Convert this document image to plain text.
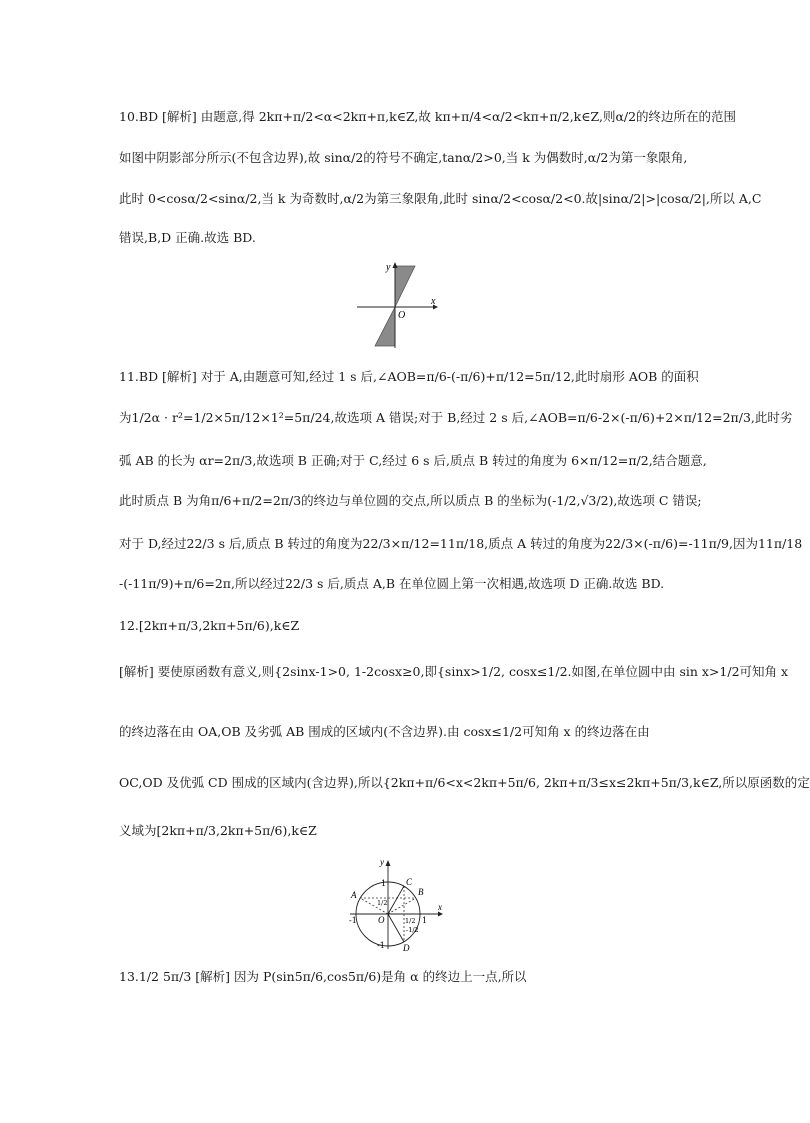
10.BD [解析] 由题意,得 2kπ+π/2<α<2kπ+π,k∈Z,故 kπ+π/4<α/2<kπ+π/2,k∈Z,则α/2的终边所在的范围
如图中阴影部分所示(不包含边界),故 sinα/2的符号不确定,tanα/2>0,当 k 为偶数时,α/2为第一象限角,
此时 0<cosα/2<sinα/2,当 k 为奇数时,α/2为第三象限角,此时 sinα/2<cosα/2<0.故|sinα/2|>|cosα/2|,所以 A,C
错误,B,D 正确.故选 BD.
x
y
O
11.BD [解析] 对于 A,由题意可知,经过 1 s 后,∠AOB=π/6-(-π/6)+π/12=5π/12,此时扇形 AOB 的面积
为1/2α · r²=1/2×5π/12×1²=5π/24,故选项 A 错误;对于 B,经过 2 s 后,∠AOB=π/6-2×(-π/6)+2×π/12=2π/3,此时劣
弧 AB 的长为 αr=2π/3,故选项 B 正确;对于 C,经过 6 s 后,质点 B 转过的角度为 6×π/12=π/2,结合题意,
此时质点 B 为角π/6+π/2=2π/3的终边与单位圆的交点,所以质点 B 的坐标为(-1/2,√3/2),故选项 C 错误;
对于 D,经过22/3 s 后,质点 B 转过的角度为22/3×π/12=11π/18,质点 A 转过的角度为22/3×(-π/6)=-11π/9,因为11π/18
-(-11π/9)+π/6=2π,所以经过22/3 s 后,质点 A,B 在单位圆上第一次相遇,故选项 D 正确.故选 BD.
12.[2kπ+π/3,2kπ+5π/6),k∈Z
[解析] 要使原函数有意义,则{2sinx-1>0, 1-2cosx≥0,即{sinx>1/2, cosx≤1/2.如图,在单位圆中由 sin x>1/2可知角 x
的终边落在由 OA,OB 及劣弧 AB 围成的区域内(不含边界).由 cosx≤1/2可知角 x 的终边落在由
OC,OD 及优弧 CD 围成的区域内(含边界),所以{2kπ+π/6<x<2kπ+5π/6, 2kπ+π/3≤x≤2kπ+5π/3,k∈Z,所以原函数的定
义域为[2kπ+π/3,2kπ+5π/6),k∈Z
A	B
C
D
O
x
y
1
-1
1
-1
1/2
1/2
-1/2
13.1/2 5π/3 [解析] 因为 P(sin5π/6,cos5π/6)是角 α 的终边上一点,所以
